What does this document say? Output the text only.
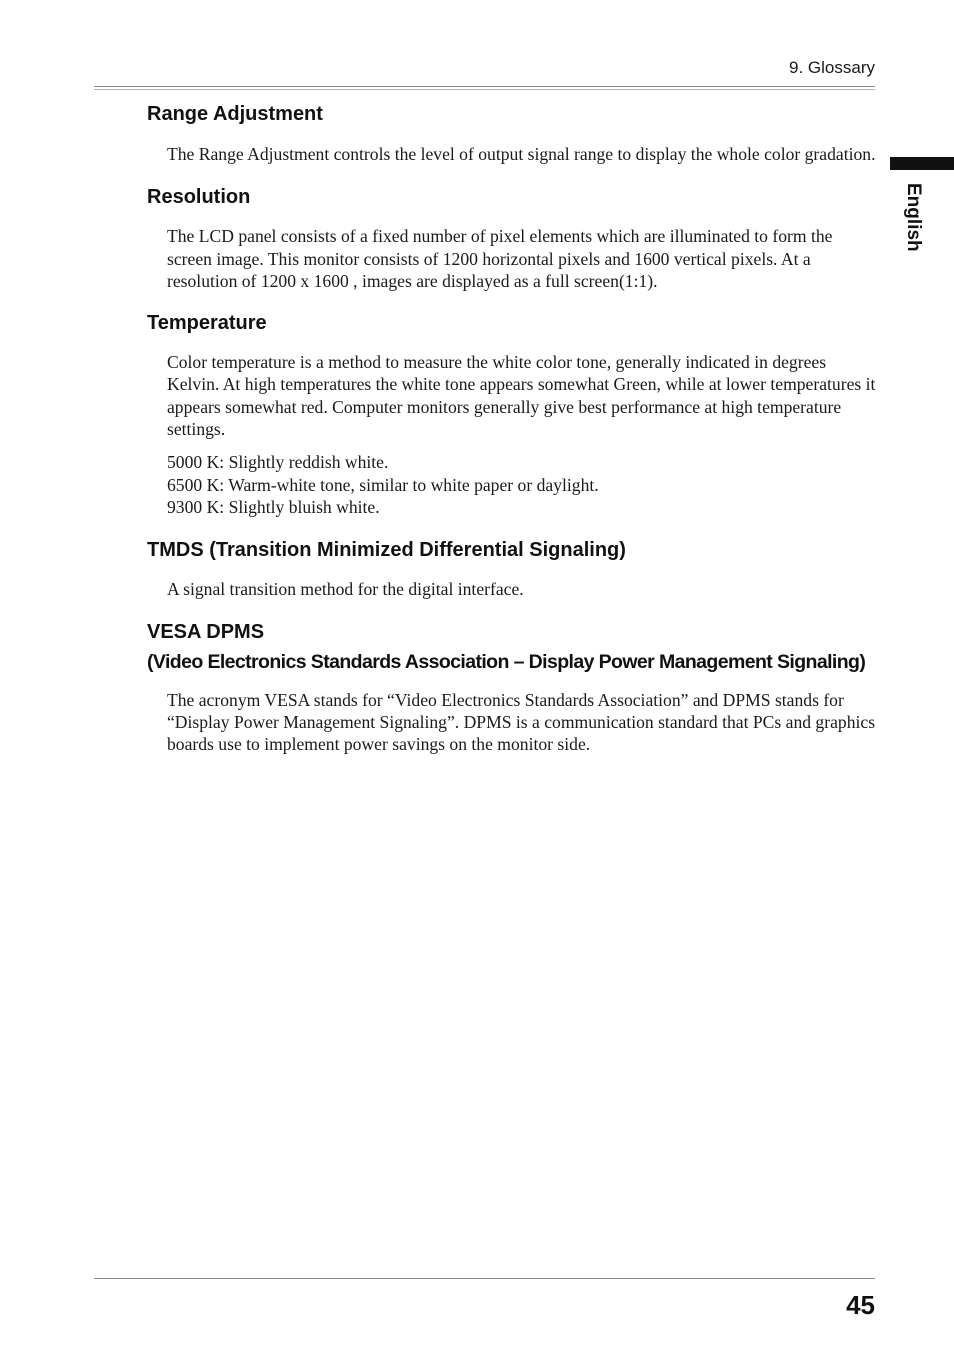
9. Glossary
English
Range Adjustment

The Range Adjustment controls the level of output signal range to display the whole color gradation.

Resolution

The LCD panel consists of a fixed number of pixel elements which are illuminated to form the screen image. This monitor consists of 1200 horizontal pixels and 1600 vertical pixels. At a resolution of 1200 x 1600 , images are displayed as a full screen(1:1).

Temperature

Color temperature is a method to measure the white color tone, generally indicated in degrees Kelvin. At high temperatures the white tone appears somewhat Green, while at lower temperatures it appears somewhat red. Computer monitors generally give best performance at high temperature settings.

5000 K: Slightly reddish white.
6500 K: Warm-white tone, similar to white paper or daylight.
9300 K: Slightly bluish white.

TMDS (Transition Minimized Differential Signaling)

A signal transition method for the digital interface.

VESA DPMS
(Video Electronics Standards Association – Display Power Management Signaling)

The acronym VESA stands for “Video Electronics Standards Association” and DPMS stands for “Display Power Management Signaling”. DPMS is a communication standard that PCs and graphics boards use to implement power savings on the monitor side.

45
